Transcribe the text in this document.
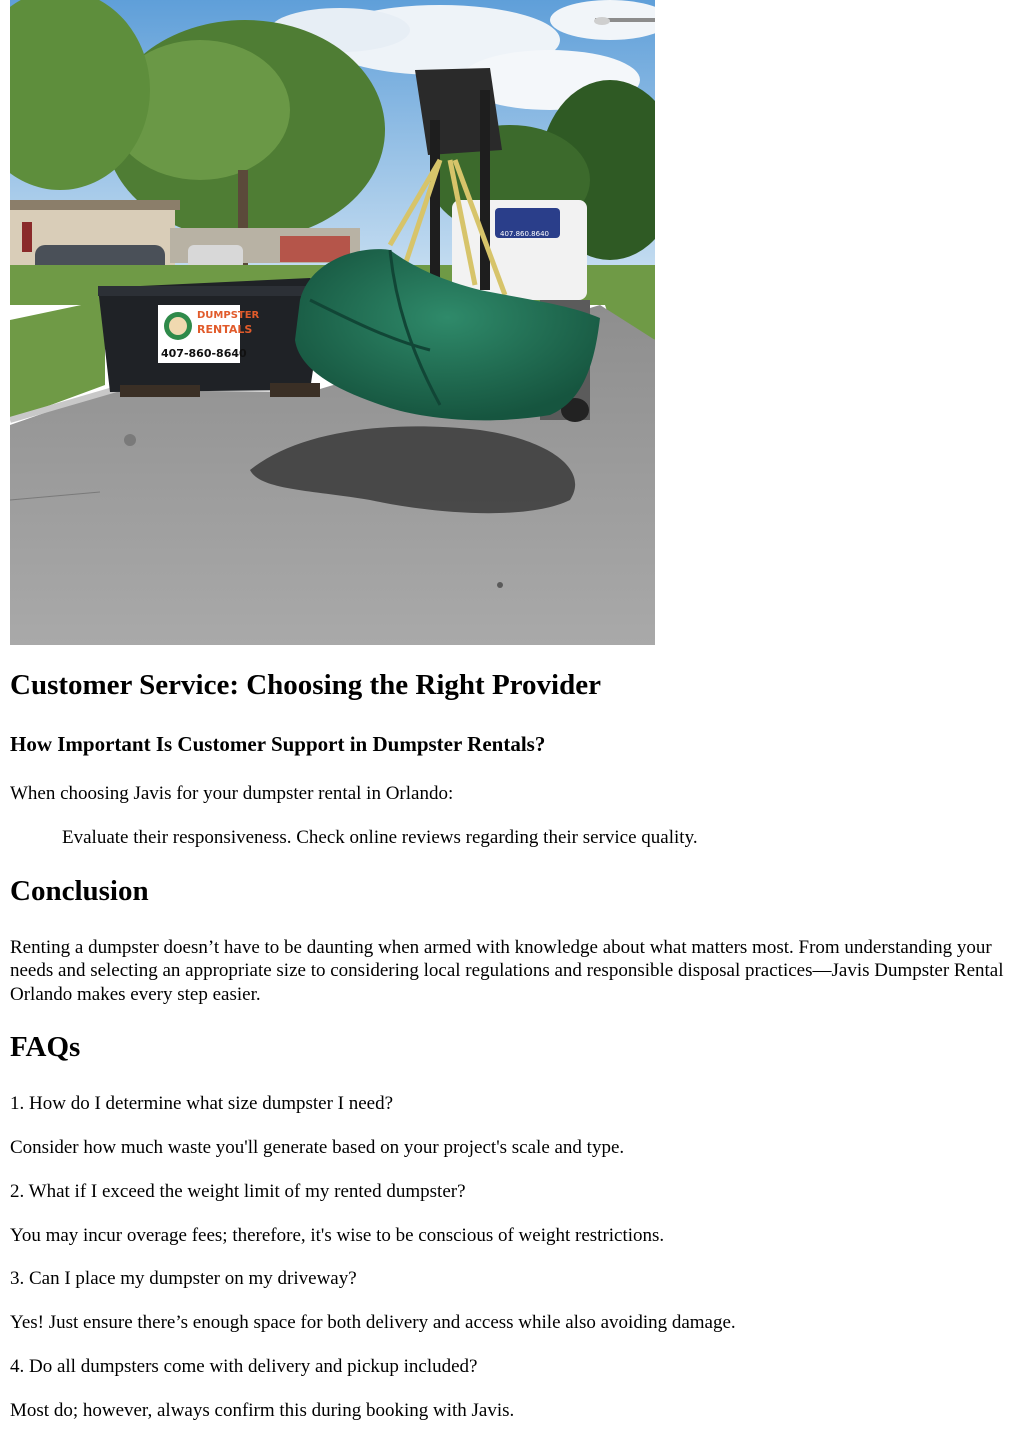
DUMPSTER
RENTALS
407-860-8640
407.860.8640
Customer Service: Choosing the Right Provider
How Important Is Customer Support in Dumpster Rentals?

When choosing Javis for your dumpster rental in Orlando:

Evaluate their responsiveness. Check online reviews regarding their service quality.

Conclusion

Renting a dumpster doesn’t have to be daunting when armed with knowledge about what matters most. From understanding your needs and selecting an appropriate size to considering local regulations and responsible disposal practices—Javis Dumpster Rental Orlando makes every step easier.

FAQs

1. How do I determine what size dumpster I need?

Consider how much waste you'll generate based on your project's scale and type.

2. What if I exceed the weight limit of my rented dumpster?

You may incur overage fees; therefore, it's wise to be conscious of weight restrictions.

3. Can I place my dumpster on my driveway?

Yes! Just ensure there’s enough space for both delivery and access while also avoiding damage.

4. Do all dumpsters come with delivery and pickup included?

Most do; however, always confirm this during booking with Javis.
